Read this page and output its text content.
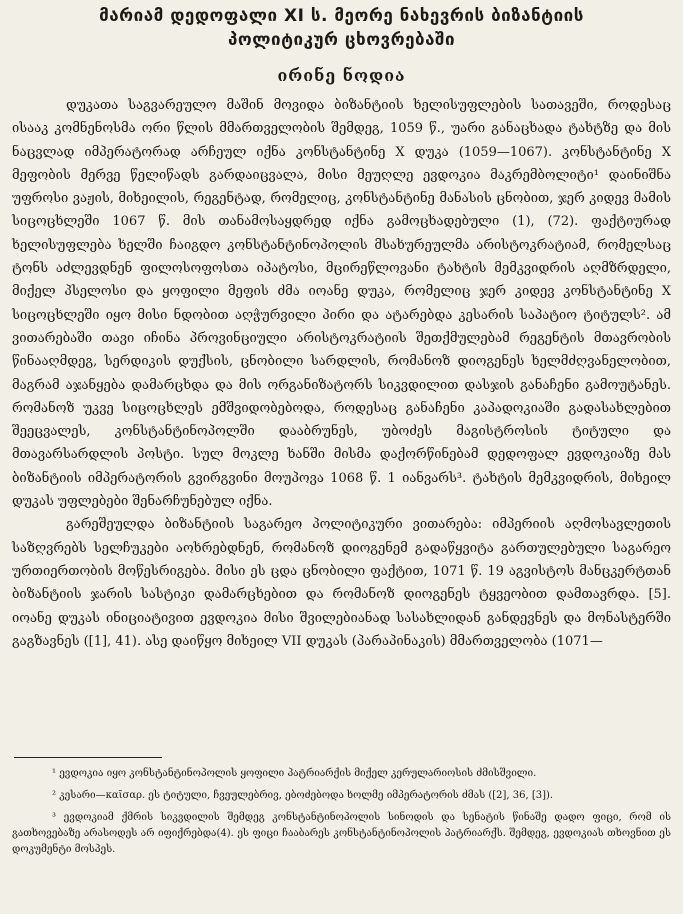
მარიამ დედოფალი XI ს. მეორე ნახევრის ბიზანტიის
პოლიტიკურ ცხოვრებაში
ირინე ნოდია

დუკათა საგვარეულო მაშინ მოვიდა ბიზანტიის ხელისუფლების სათავეში, როდესაც ისააკ კომნენოსმა ორი წლის მმართველობის შემდეგ, 1059 წ., უარი განაცხადა ტახტზე და მის ნაცვლად იმპერატორად არჩეულ იქნა კონსტანტინე X დუკა (1059—1067). კონსტანტინე X მეფობის მერვე წელიწადს გარდაიცვალა, მისი მეუღლე ევდოკია მაკრემბოლიტი¹ დაინიშნა უფროსი ვაჟის, მიხეილის, რეგენტად, რომელიც, კონსტანტინე მანასის ცნობით, ჯერ კიდევ მამის სიცოცხლეში 1067 წ. მის თანამოსაყდრედ იქნა გამოცხადებული (1), (72). ფაქტიურად ხელისუფლება ხელში ჩაიგდო კონსტანტინოპოლის მსახურეულმა არისტოკრატიამ, რომელსაც ტონს აძლევდნენ ფილოსოფოსთა იპატოსი, მცირეწლოვანი ტახტის მემკვიდრის აღმზრდელი, მიქელ პსელოსი და ყოფილი მეფის ძმა იოანე დუკა, რომელიც ჯერ კიდევ კონსტანტინე X სიცოცხლეში იყო მისი ნდობით აღჭურვილი პირი და ატარებდა კესარის საპატიო ტიტულს². ამ ვითარებაში თავი იჩინა პროვინციული არისტოკრატიის შეთქმულებამ რეგენტის მთავრობის წინააღმდეგ, სერდიკის დუქსის, ცნობილი სარდლის, რომანოზ დიოგენეს ხელმძღვანელობით, მაგრამ აჯანყება დამარცხდა და მის ორგანიზატორს სიკვდილით დასჯის განაჩენი გამოუტანეს. რომანოზ უკვე სიცოცხლეს ემშვიდობებოდა, როდესაც განაჩენი კაპადოკიაში გადასახლებით შეეცვალეს, კონსტანტინოპოლში დააბრუნეს, უბოძეს მაგისტროსის ტიტული და მთავარსარდლის პოსტი. სულ მოკლე ხანში მისმა დაქორწინებამ დედოფალ ევდოკიაზე მას ბიზანტიის იმპერატორის გვირგვინი მოუპოვა 1068 წ. 1 იანვარს³. ტახტის მემკვიდრის, მიხეილ დუკას უფლებები შენარჩუნებულ იქნა.

გარეშეულდა ბიზანტიის საგარეო პოლიტიკური ვითარება: იმპერიის აღმოსავლეთის საზღვრებს სელჩუკები აოხრებდნენ, რომანოზ დიოგენემ გადაწყვიტა გართულებული საგარეო ურთიერთობის მოწესრიგება. მისი ეს ცდა ცნობილი ფაქტით, 1071 წ. 19 აგვისტოს მანცკერტთან ბიზანტიის ჯარის სასტიკი დამარცხებით და რომანოზ დიოგენეს ტყვეობით დამთავრდა. [5]. იოანე დუკას ინიციატივით ევდოკია მისი შვილებიანად სასახლიდან განდევნეს და მონასტერში გაგზავნეს ([1], 41). ასე დაიწყო მიხეილ VII დუკას (პარაპინაკის) მმართველობა (1071—

¹ ევდოკია იყო კონსტანტინოპოლის ყოფილი პატრიარქის მიქელ კერულარიოსის ძმისშვილი.

² კესარი—καῖσαρ. ეს ტიტული, ჩვეულებრივ, ებოძებოდა ხოლმე იმპერატორის ძმას ([2], 36, [3]).

³ ევდოკიამ ქმრის სიკვდილის შემდეგ კონსტანტინოპოლის სინოდის და სენატის წინაშე დადო ფიცი, რომ ის გათხოვებაზე არასოდეს არ იფიქრებდა(4). ეს ფიცი ჩააბარეს კონსტანტინოპოლის პატრიარქს. შემდეგ, ევდოკიას თხოვნით ეს დოკუმენტი მოსპეს.
